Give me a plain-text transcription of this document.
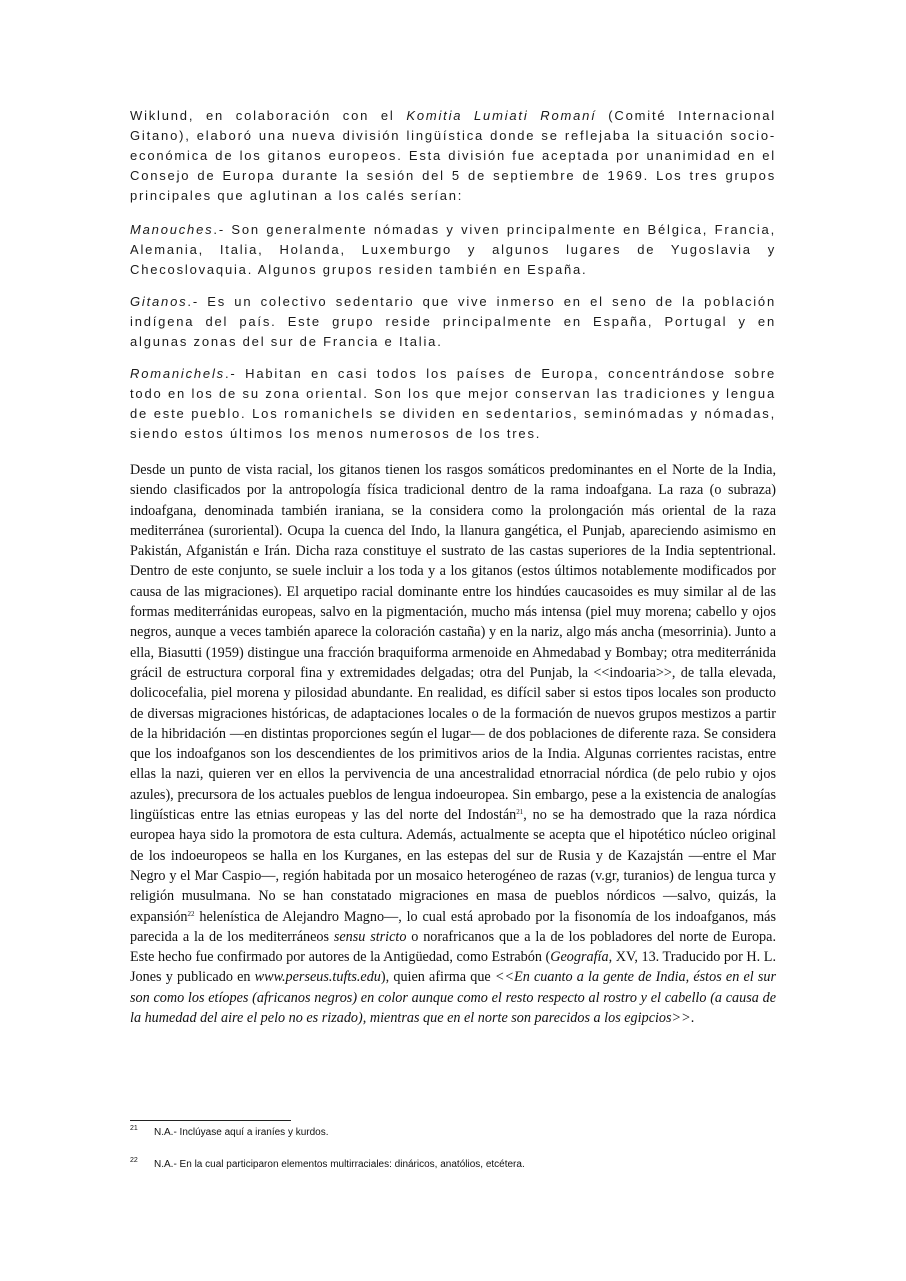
Wiklund, en colaboración con el Komitia Lumiati Romaní (Comité Internacional Gitano), elaboró una nueva división lingüística donde se reflejaba la situación socio-económica de los gitanos europeos. Esta división fue aceptada por unanimidad en el Consejo de Europa durante la sesión del 5 de septiembre de 1969. Los tres grupos principales que aglutinan a los calés serían:

Manouches.- Son generalmente nómadas y viven principalmente en Bélgica, Francia, Alemania, Italia, Holanda, Luxemburgo y algunos lugares de Yugoslavia y Checoslovaquia. Algunos grupos residen también en España.

Gitanos.- Es un colectivo sedentario que vive inmerso en el seno de la población indígena del país. Este grupo reside principalmente en España, Portugal y en algunas zonas del sur de Francia e Italia.

Romanichels.- Habitan en casi todos los países de Europa, concentrándose sobre todo en los de su zona oriental. Son los que mejor conservan las tradiciones y lengua de este pueblo. Los romanichels se dividen en sedentarios, seminómadas y nómadas, siendo estos últimos los menos numerosos de los tres.

Desde un punto de vista racial, los gitanos tienen los rasgos somáticos predominantes en el Norte de la India, siendo clasificados por la antropología física tradicional dentro de la rama indoafgana. La raza (o subraza) indoafgana, denominada también iraniana, se la considera como la prolongación más oriental de la raza mediterránea (suroriental). Ocupa la cuenca del Indo, la llanura gangética, el Punjab, apareciendo asimismo en Pakistán, Afganistán e Irán. Dicha raza constituye el sustrato de las castas superiores de la India septentrional. Dentro de este conjunto, se suele incluir a los toda y a los gitanos (estos últimos notablemente modificados por causa de las migraciones). El arquetipo racial dominante entre los hindúes caucasoides es muy similar al de las formas mediterránidas europeas, salvo en la pigmentación, mucho más intensa (piel muy morena; cabello y ojos negros, aunque a veces también aparece la coloración castaña) y en la nariz, algo más ancha (mesorrinia). Junto a ella, Biasutti (1959) distingue una fracción braquiforma armenoide en Ahmedabad y Bombay; otra mediterránida grácil de estructura corporal fina y extremidades delgadas; otra del Punjab, la <<indoaria>>, de talla elevada, dolicocefalia, piel morena y pilosidad abundante. En realidad, es difícil saber si estos tipos locales son producto de diversas migraciones históricas, de adaptaciones locales o de la formación de nuevos grupos mestizos a partir de la hibridación —en distintas proporciones según el lugar— de dos poblaciones de diferente raza. Se considera que los indoafganos son los descendientes de los primitivos arios de la India. Algunas corrientes racistas, entre ellas la nazi, quieren ver en ellos la pervivencia de una ancestralidad etnorracial nórdica (de pelo rubio y ojos azules), precursora de los actuales pueblos de lengua indoeuropea. Sin embargo, pese a la existencia de analogías lingüísticas entre las etnias europeas y las del norte del Indostán$^{21}$, no se ha demostrado que la raza nórdica europea haya sido la promotora de esta cultura. Además, actualmente se acepta que el hipotético núcleo original de los indoeuropeos se halla en los Kurganes, en las estepas del sur de Rusia y de Kazajstán —entre el Mar Negro y el Mar Caspio—, región habitada por un mosaico heterogéneo de razas (v.gr, turanios) de lengua turca y religión musulmana. No se han constatado migraciones en masa de pueblos nórdicos —salvo, quizás, la expansión$^{22}$ helenística de Alejandro Magno—, lo cual está aprobado por la fisonomía de los indoafganos, más parecida a la de los mediterráneos sensu stricto o norafricanos que a la de los pobladores del norte de Europa. Este hecho fue confirmado por autores de la Antigüedad, como Estrabón (Geografía, XV, 13. Traducido por H. L. Jones y publicado en www.perseus.tufts.edu), quien afirma que <<En cuanto a la gente de India, éstos en el sur son como los etíopes (africanos negros) en color aunque como el resto respecto al rostro y el cabello (a causa de la humedad del aire el pelo no es rizado), mientras que en el norte son parecidos a los egipcios>>.

21 N.A.- Inclúyase aquí a iraníes y kurdos.
22 N.A.- En la cual participaron elementos multirraciales: dináricos, anatólios, etcétera.
